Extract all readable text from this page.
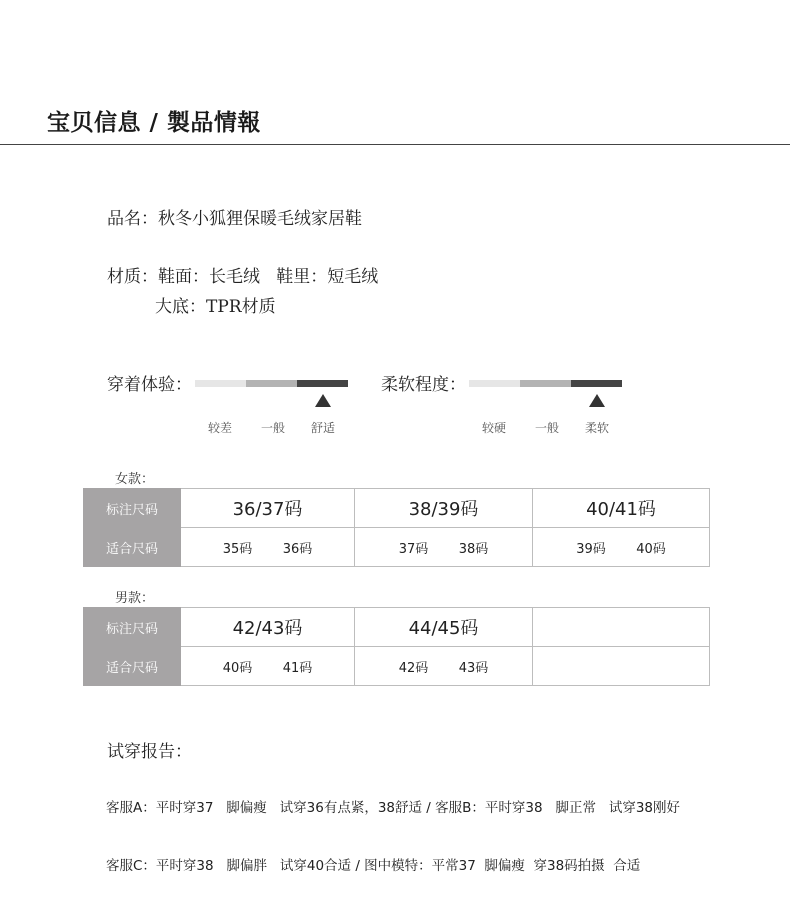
宝贝信息 / 製品情報
品名：秋冬小狐狸保暖毛绒家居鞋
材质：鞋面：长毛绒   鞋里：短毛绒
大底：TPR材质
穿着体验：
较差 一般 舒适
柔软程度：
较硬 一般 柔软
女款：
标注尺码	36/37码	38/39码	40/41码
适合尺码	35码 36码	37码 38码	39码 40码
男款：
标注尺码	42/43码	44/45码	
适合尺码	40码 41码	42码 43码	
试穿报告：
客服A：平时穿37   脚偏瘦   试穿36有点紧，38舒适 / 客服B：平时穿38   脚正常   试穿38刚好
客服C：平时穿38   脚偏胖   试穿40合适 / 图中模特：平常37  脚偏瘦  穿38码拍摄  合适
